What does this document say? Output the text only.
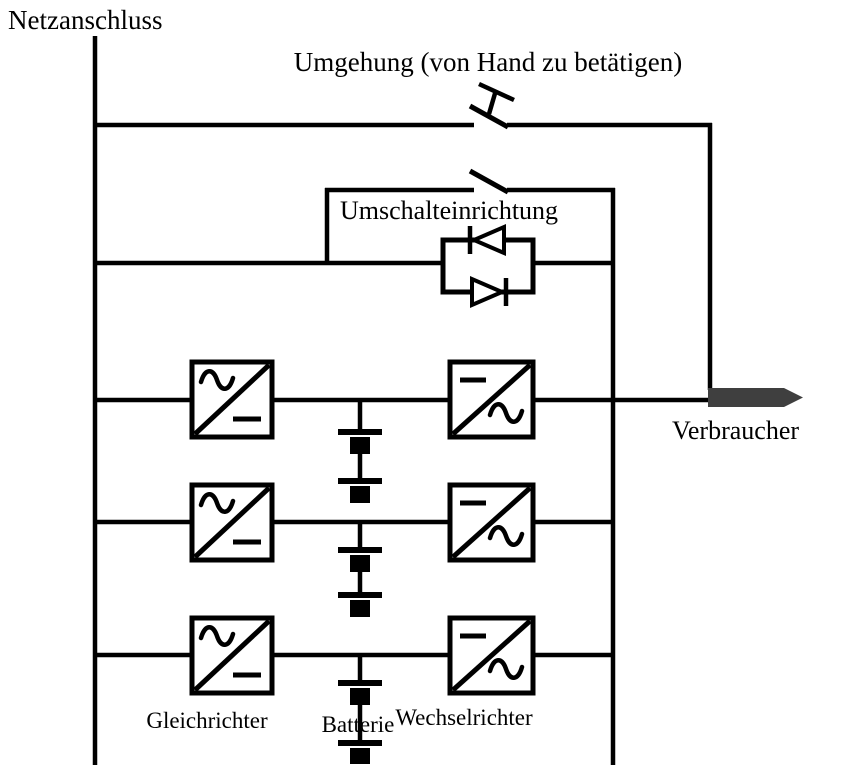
Netzanschluss
Umgehung (von Hand zu betätigen)
Umschalteinrichtung
Verbraucher
Gleichrichter Batterie Wechselrichter
